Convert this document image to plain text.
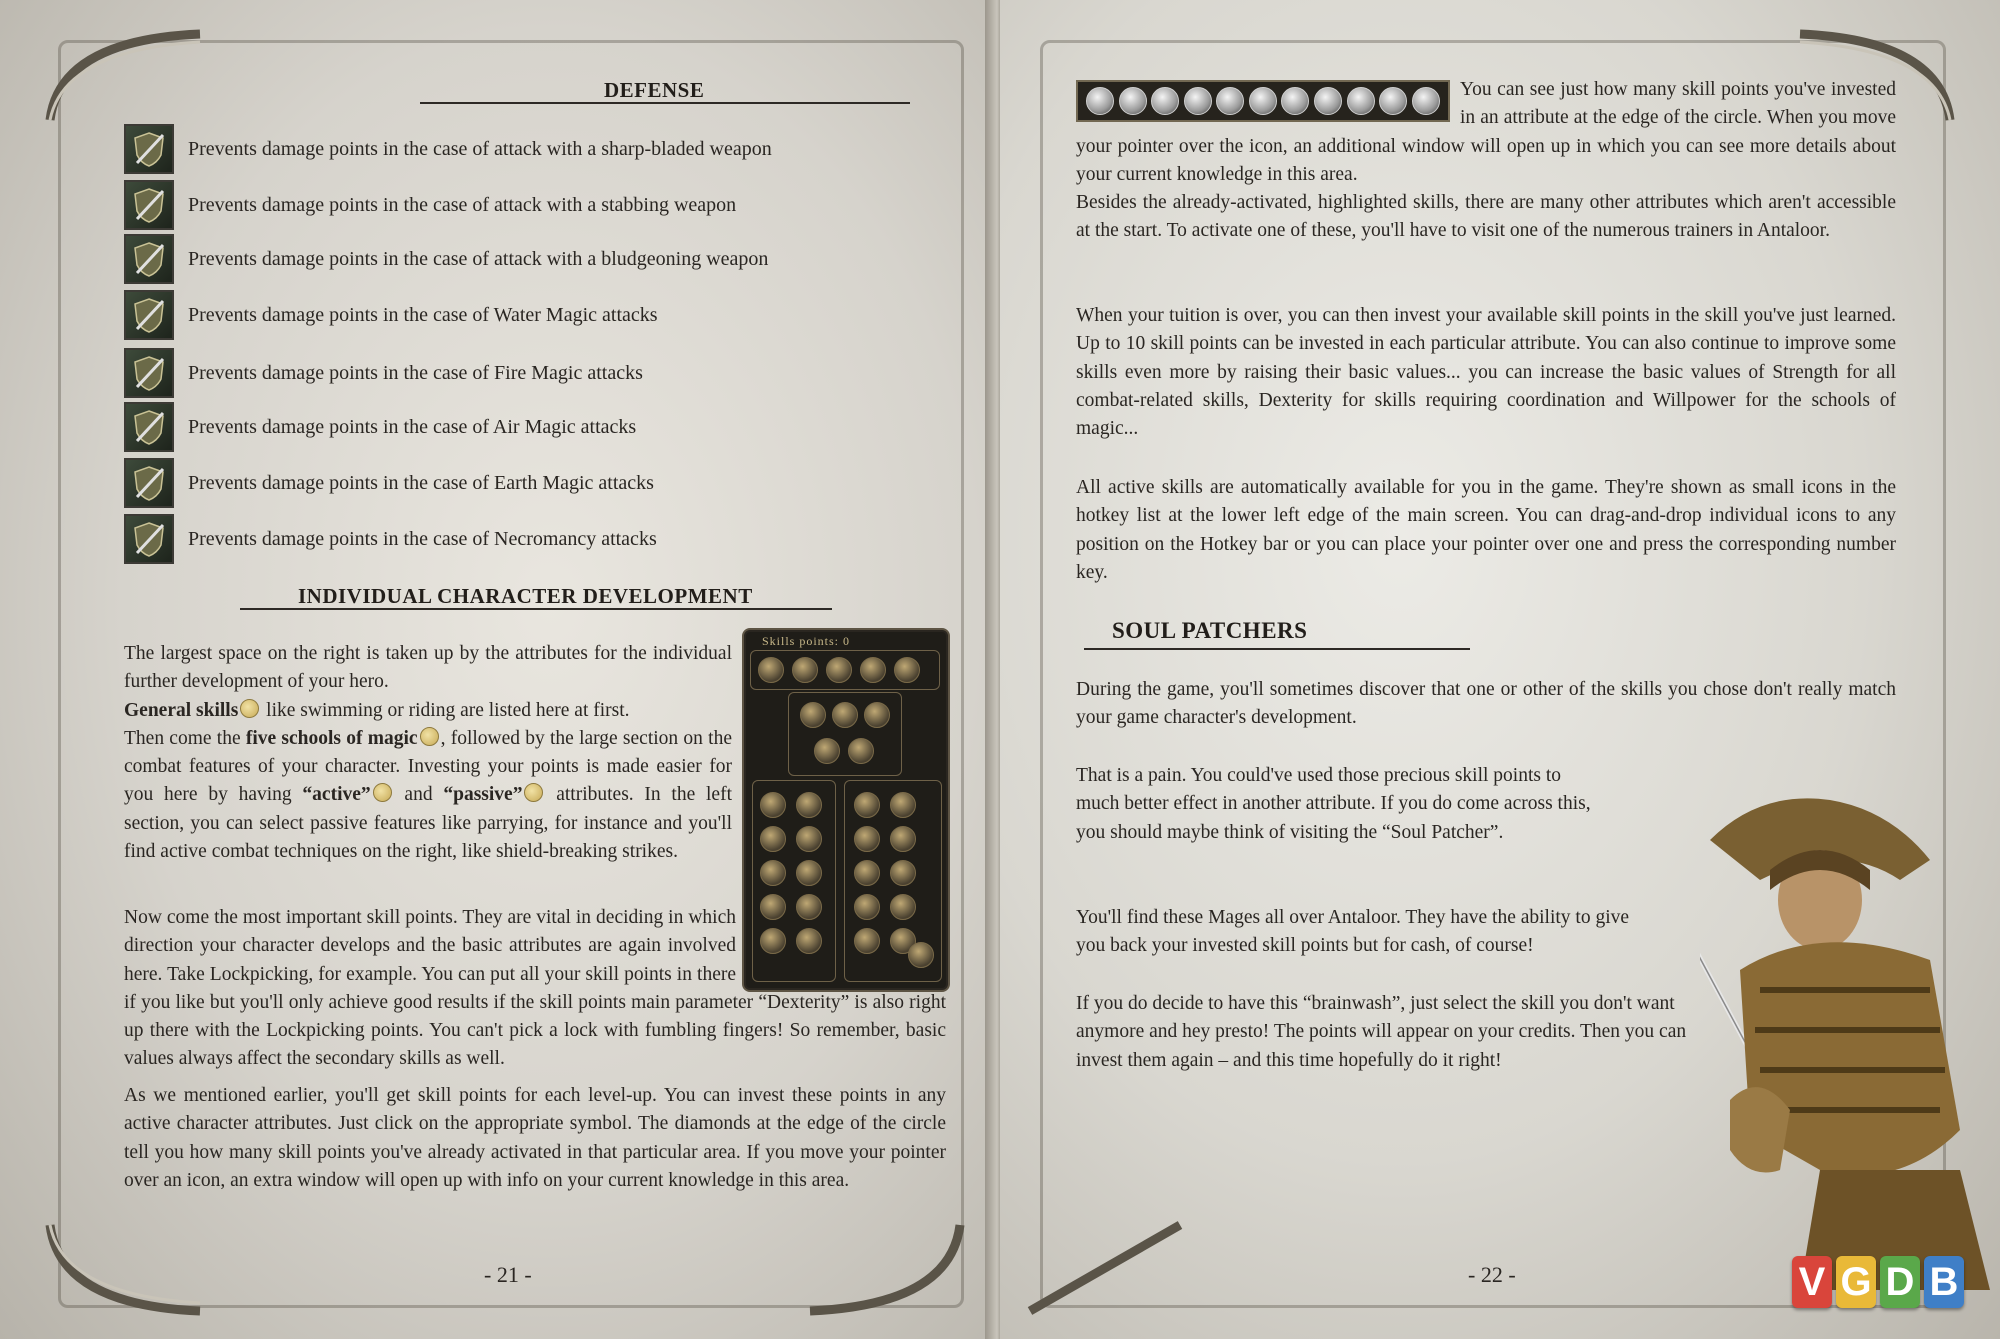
DEFENSE
Prevents damage points in the case of attack with a sharp-bladed weapon
Prevents damage points in the case of attack with a stabbing weapon
Prevents damage points in the case of attack with a bludgeoning weapon
Prevents damage points in the case of Water Magic attacks
Prevents damage points in the case of Fire Magic attacks
Prevents damage points in the case of Air Magic attacks
Prevents damage points in the case of Earth Magic attacks
Prevents damage points in the case of Necromancy attacks
INDIVIDUAL CHARACTER DEVELOPMENT
The largest space on the right is taken up by the attributes for the individual further development of your hero.
General skills like swimming or riding are listed here at first.
Then come the five schools of magic , followed by the large section on the combat features of your character. Investing your points is made easier for you here by having “active” and “passive” attributes. In the left section, you can select passive features like parrying, for instance and you'll find active combat techniques on the right, like shield-breaking strikes.
Now come the most important skill points. They are vital in deciding in which direction your character develops and the basic attributes are again involved here. Take Lockpicking, for example. You can put all your skill points in there if you like but you'll only achieve good results if the skill points main parameter “Dexterity” is also right up there with the Lockpicking points. You can't pick a lock with fumbling fingers! So remember, basic values always affect the secondary skills as well.
As we mentioned earlier, you'll get skill points for each level-up. You can invest these points in any active character attributes. Just click on the appropriate symbol. The diamonds at the edge of the circle tell you how many skill points you've already activated in that particular area. If you move your pointer over an icon, an extra window will open up with info on your current knowledge in this area.
Skills points: 0
- 21 -
You can see just how many skill points you've invested in an attribute at the edge of the circle. When you move your pointer over the icon, an additional window will open up in which you can see more details about your current knowledge in this area.
Besides the already-activated, highlighted skills, there are many other attributes which aren't accessible at the start. To activate one of these, you'll have to visit one of the numerous trainers in Antaloor.
When your tuition is over, you can then invest your available skill points in the skill you've just learned. Up to 10 skill points can be invested in each particular attribute. You can also continue to improve some skills even more by raising their basic values... you can increase the basic values of Strength for all combat-related skills, Dexterity for skills requiring coordination and Willpower for the schools of magic...
All active skills are automatically available for you in the game. They're shown as small icons in the hotkey list at the lower left edge of the main screen. You can drag-and-drop individual icons to any position on the Hotkey bar or you can place your pointer over one and press the corresponding number key.
SOUL PATCHERS
During the game, you'll sometimes discover that one or other of the skills you chose don't really match your game character's development.
That is a pain. You could've used those precious skill points to much better effect in another attribute. If you do come across this, you should maybe think of visiting the “Soul Patcher”.
You'll find these Mages all over Antaloor. They have the ability to give you back your invested skill points but for cash, of course!
If you do decide to have this “brainwash”, just select the skill you don't want anymore and hey presto! The points will appear on your credits. Then you can invest them again – and this time hopefully do it right!
- 22 -	V G D B
